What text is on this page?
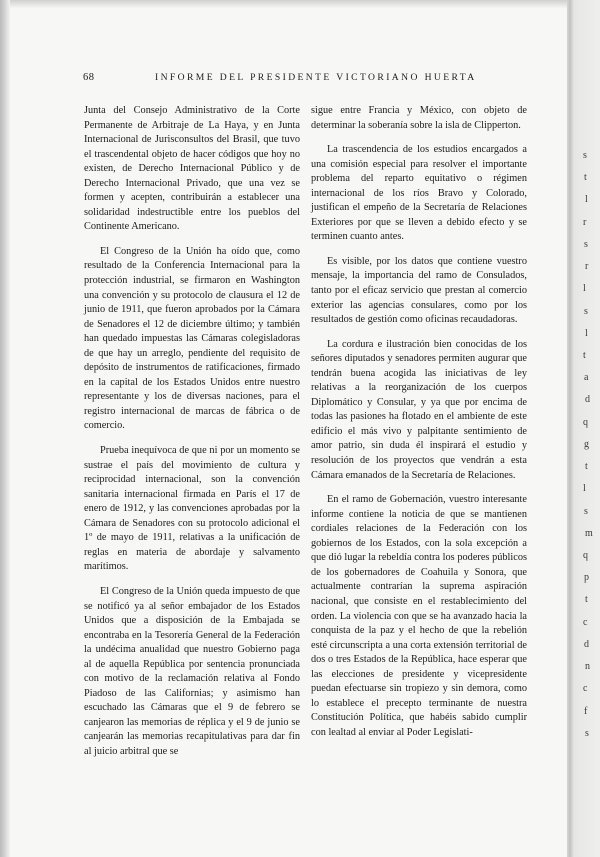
68	INFORME DEL PRESIDENTE VICTORIANO HUERTA

Junta del Consejo Administrativo de la Corte Permanente de Arbitraje de La Haya, y en Junta Internacional de Jurisconsultos del Brasil, que tuvo el trascendental objeto de hacer códigos que hoy no existen, de Derecho Internacional Público y de Derecho Internacional Privado, que una vez se formen y acepten, contribuirán a establecer una solidaridad indestructible entre los pueblos del Continente Americano.

El Congreso de la Unión ha oído que, como resultado de la Conferencia Internacional para la protección industrial, se firmaron en Washington una convención y su protocolo de clausura el 12 de junio de 1911, que fueron aprobados por la Cámara de Senadores el 12 de diciembre último; y también han quedado impuestas las Cámaras colegisladoras de que hay un arreglo, pendiente del requisito de depósito de instrumentos de ratificaciones, firmado en la capital de los Estados Unidos entre nuestro representante y los de diversas naciones, para el registro internacional de marcas de fábrica o de comercio.

Prueba inequívoca de que ni por un momento se sustrae el país del movimiento de cultura y reciprocidad internacional, son la convención sanitaria internacional firmada en París el 17 de enero de 1912, y las convenciones aprobadas por la Cámara de Senadores con su protocolo adicional el 1º de mayo de 1911, relativas a la unificación de reglas en materia de abordaje y salvamento marítimos.

El Congreso de la Unión queda impuesto de que se notificó ya al señor embajador de los Estados Unidos que a disposición de la Embajada se encontraba en la Tesorería General de la Federación la undécima anualidad que nuestro Gobierno paga al de aquella República por sentencia pronunciada con motivo de la reclamación relativa al Fondo Piadoso de las Californias; y asimismo han escuchado las Cámaras que el 9 de febrero se canjearon las memorias de réplica y el 9 de junio se canjearán las memorias recapitulativas para dar fin al juicio arbitral que se

sigue entre Francia y México, con objeto de determinar la soberanía sobre la isla de Clipperton.

La trascendencia de los estudios encargados a una comisión especial para resolver el importante problema del reparto equitativo o régimen internacional de los ríos Bravo y Colorado, justifican el empeño de la Secretaría de Relaciones Exteriores por que se lleven a debido efecto y se terminen cuanto antes.

Es visible, por los datos que contiene vuestro mensaje, la importancia del ramo de Consulados, tanto por el eficaz servicio que prestan al comercio exterior las agencias consulares, como por los resultados de gestión como oficinas recaudadoras.

La cordura e ilustración bien conocidas de los señores diputados y senadores permiten augurar que tendrán buena acogida las iniciativas de ley relativas a la reorganización de los cuerpos Diplomático y Consular, y ya que por encima de todas las pasiones ha flotado en el ambiente de este edificio el más vivo y palpitante sentimiento de amor patrio, sin duda él inspirará el estudio y resolución de los proyectos que vendrán a esta Cámara emanados de la Secretaría de Relaciones.

En el ramo de Gobernación, vuestro interesante informe contiene la noticia de que se mantienen cordiales relaciones de la Federación con los gobiernos de los Estados, con la sola excepción a que dió lugar la rebeldía contra los poderes públicos de los gobernadores de Coahuila y Sonora, que actualmente contrarían la suprema aspiración nacional, que consiste en el restablecimiento del orden. La violencia con que se ha avanzado hacia la conquista de la paz y el hecho de que la rebelión esté circunscripta a una corta extensión territorial de dos o tres Estados de la República, hace esperar que las elecciones de presidente y vicepresidente puedan efectuarse sin tropiezo y sin demora, como lo establece el precepto terminante de nuestra Constitución Política, que habéis sabido cumplir con lealtad al enviar al Poder Legislati-

s
t
l
r
s
r
l
s
l
t
a
d
q
g
t
l
s
m
q
p
t
c
d
n
c
f
s
